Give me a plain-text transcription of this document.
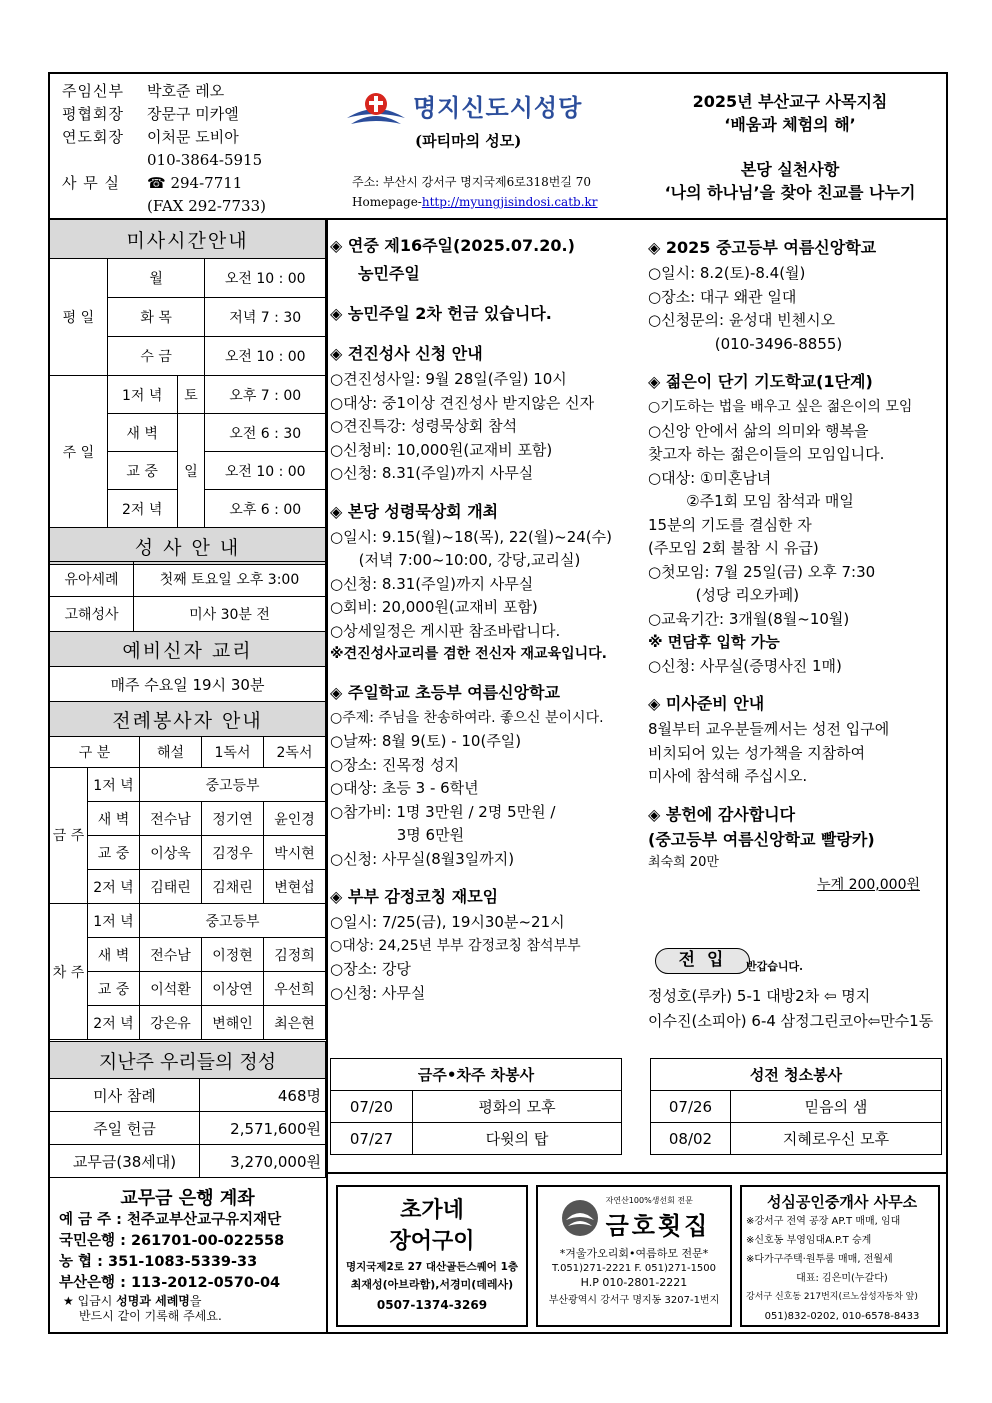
주임신부	박호준 레오
평협회장	장문구 미카엘
연도회장	이처문 도비아
010-3864-5915
사 무 실	☎ 294-7711
(FAX 292-7733)
명지신도시성당
(파티마의 성모)
주소: 부산시 강서구 명지국제6로318번길 70
Homepage-http://myungjisindosi.catb.kr
2025년 부산교구 사목지침
‘배움과 체험의 해’
본당 실천사항
‘나의 하나님’을 찾아 친교를 나누기
미사시간안내			
평 일	월		오전 10 : 00
	화 목		저녁 7 : 30
	수 금		오전 10 : 00
주 일	1저 녁	토	오후 7 : 00
	새 벽	일	오전 6 : 30
	교 중		오전 10 : 00
	2저 녁		오후 6 : 00
성 사 안 내			
유아세례	첫째 토요일 오후 3:00
고해성사	미사 30분 전
예비신자 교리	
매주 수요일 19시 30분	
전례봉사자 안내	
구 분		해설	1독서	2독서
금 주	1저 녁	중고등부		
	새 벽	전수남	정기연	윤인경
	교 중	이상욱	김정우	박시현
	2저 녁	김태린	김채린	변현섭
차 주	1저 녁	중고등부		
	새 벽	전수남	이정현	김정희
	교 중	이석환	이상연	우선희
	2저 녁	강은유	변해인	최은현
지난주 우리들의 정성	
미사 참례	468명
주일 헌금	2,571,600원
교무금(38세대)	3,270,000원
교무금 은행 계좌
예 금 주 : 천주교부산교구유지재단
국민은행 : 261701-00-022558
농 협 : 351-1083-5339-33
부산은행 : 113-2012-0570-04
★ 입금시 성명과 세례명을
반드시 같이 기록해 주세요.
◈ 연중 제16주일(2025.07.20.)
농민주일
◈ 농민주일 2차 헌금 있습니다.
◈ 견진성사 신청 안내
○견진성사일: 9월 28일(주일) 10시
○대상: 중1이상 견진성사 받지않은 신자
○견진특강: 성령묵상회 참석
○신청비: 10,000원(교재비 포함)
○신청: 8.31(주일)까지 사무실
◈ 본당 성령묵상회 개최
○일시: 9.15(월)~18(목), 22(월)~24(수)
(저녁 7:00~10:00, 강당,교리실)
○신청: 8.31(주일)까지 사무실
○회비: 20,000원(교재비 포함)
○상세일정은 게시판 참조바랍니다.
※견진성사교리를 겸한 전신자 재교육입니다.
◈ 주일학교 초등부 여름신앙학교
○주제: 주님을 찬송하여라. 좋으신 분이시다.
○날짜: 8월 9(토) - 10(주일)
○장소: 진목정 성지
○대상: 초등 3 - 6학년
○참가비: 1명 3만원 / 2명 5만원 /
3명 6만원
○신청: 사무실(8월3일까지)
◈ 부부 감정코칭 재모임
○일시: 7/25(금), 19시30분~21시
○대상: 24,25년 부부 감정코칭 참석부부
○장소: 강당
○신청: 사무실
◈ 2025 중고등부 여름신앙학교
○일시: 8.2(토)-8.4(월)
○장소: 대구 왜관 일대
○신청문의: 윤성대 빈첸시오
(010-3496-8855)
◈ 젊은이 단기 기도학교(1단계)
○기도하는 법을 배우고 싶은 젊은이의 모임
○신앙 안에서 삶의 의미와 행복을
찾고자 하는 젊은이들의 모임입니다.
○대상: ①미혼남녀
②주1회 모임 참석과 매일
15분의 기도를 결심한 자
(주모임 2회 불참 시 유급)
○첫모임: 7월 25일(금) 오후 7:30
(성당 리오카페)
○교육기간: 3개월(8월~10월)
※ 면담후 입학 가능
○신청: 사무실(증명사진 1매)
◈ 미사준비 안내
8월부터 교우분들께서는 성전 입구에
비치되어 있는 성가책을 지참하여
미사에 참석해 주십시오.
◈ 봉헌에 감사합니다
(중고등부 여름신앙학교 빨랑카)
최숙희 20만
누계 200,000원
전 입	반갑습니다.
정성호(루카) 5-1 대방2차 ⇦ 명지
이수진(소피아) 6-4 삼정그린코아⇦만수1동
금주•차주 차봉사	
07/20	평화의 모후
07/27	다윗의 탑
성전 청소봉사	
07/26	믿음의 샘
08/02	지혜로우신 모후
초가네
장어구이
명지국제2로 27 대산골든스퀘어 1층
최재성(아브라함),서경미(데레사)
0507-1374-3269
자연산100%생선회 전문
금호횟집
*겨울가오리회•여름하모 전문*
T.051)271-2221 F. 051)271-1500
H.P 010-2801-2221
부산광역시 강서구 명지동 3207-1번지
성심공인중개사 사무소
※강서구 전역 공장 AP.T 매매, 임대
※신호동 부영임대A.P.T 승계
※다가구주택·원투룸 매매, 전월세
대표: 김은미(누갈다)
강서구 신호동 217번지(르노삼성자동차 앞)
051)832-0202, 010-6578-8433
